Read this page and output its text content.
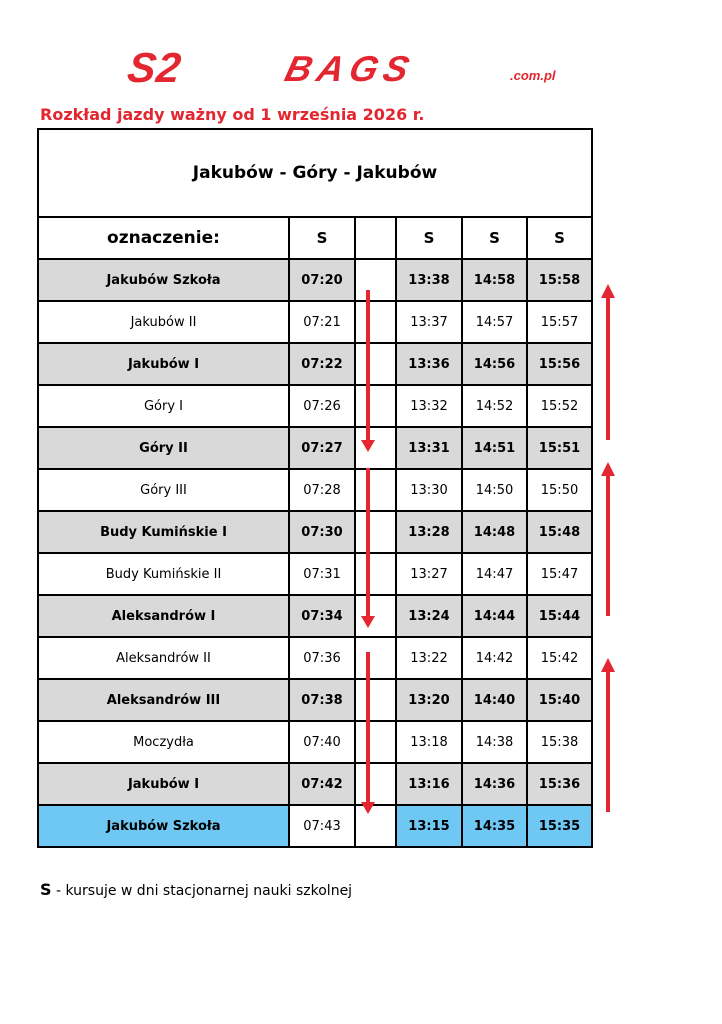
S2	BAGS	.com.pl
Rozkład jazdy ważny od 1 września 2026 r.
Jakubów - Góry - Jakubów					
oznaczenie:	S		S	S	S
Jakubów Szkoła	07:20		13:38	14:58	15:58
Jakubów II	07:21		13:37	14:57	15:57
Jakubów I	07:22		13:36	14:56	15:56
Góry I	07:26		13:32	14:52	15:52
Góry II	07:27		13:31	14:51	15:51
Góry III	07:28		13:30	14:50	15:50
Budy Kumińskie I	07:30		13:28	14:48	15:48
Budy Kumińskie II	07:31		13:27	14:47	15:47
Aleksandrów I	07:34		13:24	14:44	15:44
Aleksandrów II	07:36		13:22	14:42	15:42
Aleksandrów III	07:38		13:20	14:40	15:40
Moczydła	07:40		13:18	14:38	15:38
Jakubów I	07:42		13:16	14:36	15:36
Jakubów Szkoła	07:43		13:15	14:35	15:35
S - kursuje w dni stacjonarnej nauki szkolnej
